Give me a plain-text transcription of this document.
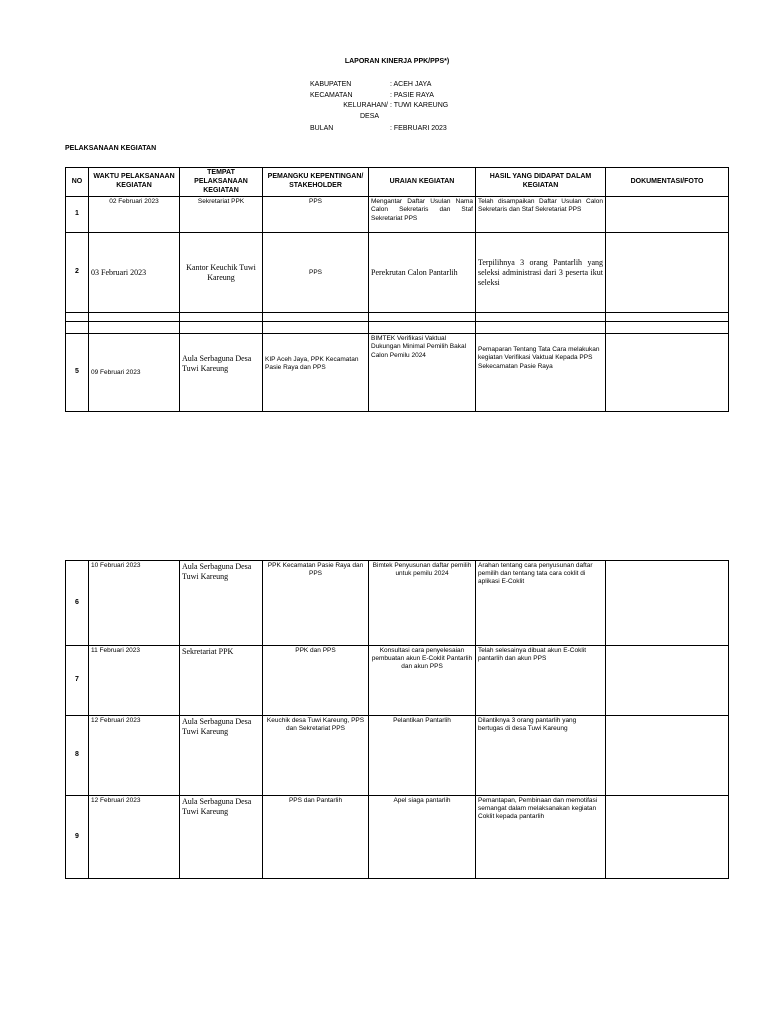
LAPORAN KINERJA PPK/PPS*)
KABUPATEN	: ACEH JAYA
KECAMATAN	: PASIE RAYA
KELURAHAN/ : TUWI KAREUNG
DESA
BULAN	: FEBRUARI 2023
PELAKSANAAN KEGIATAN
NO	WAKTU PELAKSANAAN KEGIATAN	TEMPAT PELAKSANAAN KEGIATAN	PEMANGKU KEPENTINGAN/ STAKEHOLDER	URAIAN KEGIATAN	HASIL YANG DIDAPAT DALAM KEGIATAN	DOKUMENTASI/FOTO
1	02 Februari 2023	Sekretariat PPK	PPS	Mengantar Daftar Usulan Nama Calon Sekretaris dan Staf Sekretariat PPS	Telah disampaikan Daftar Usulan Calon Sekretaris dan Staf Sekretariat PPS	
2	03 Februari 2023	Kantor Keuchik Tuwi Kareung	PPS	Perekrutan Calon Pantarlih	Terpilihnya 3 orang Pantarlih yang seleksi administrasi dari 3 peserta ikut seleksi	

5	09 Februari 2023	Aula Serbaguna Desa Tuwi Kareung	KIP Aceh Jaya, PPK Kecamatan Pasie Raya dan PPS	BIMTEK Verifikasi Vaktual Dukungan Minimal Pemilih Bakal Calon Pemilu 2024	Pemaparan Tentang Tata Cara melakukan kegiatan Verifikasi Vaktual Kepada PPS Sekecamatan Pasie Raya	
6	10 Februari 2023	Aula Serbaguna Desa Tuwi Kareung	PPK Kecamatan Pasie Raya dan PPS	Bimtek Penyusunan daftar pemilih untuk pemilu 2024	Arahan tentang cara penyusunan daftar pemilih dan tentang tata cara coklit di aplikasi E-Coklit	

7	11 Februari 2023	Sekretariat PPK	PPK dan PPS	Konsultasi cara penyelesaian pembuatan akun E-Coklit Pantarlih dan akun PPS	Telah selesainya dibuat akun E-Coklit pantarlih dan akun PPS	

8	12 Februari 2023	Aula Serbaguna Desa Tuwi Kareung	Keuchik desa Tuwi Kareung, PPS dan Sekretariat PPS	Pelantikan Pantarlih	Dilantiknya 3 orang pantarlih yang bertugas di desa Tuwi Kareung	

9	12 Februari 2023	Aula Serbaguna Desa Tuwi Kareung	PPS dan Pantarlih	Apel siaga pantarlih	Pemantapan, Pembinaan dan memotifasi semangat dalam melaksanakan kegiatan Coklit kepada pantarlih	
